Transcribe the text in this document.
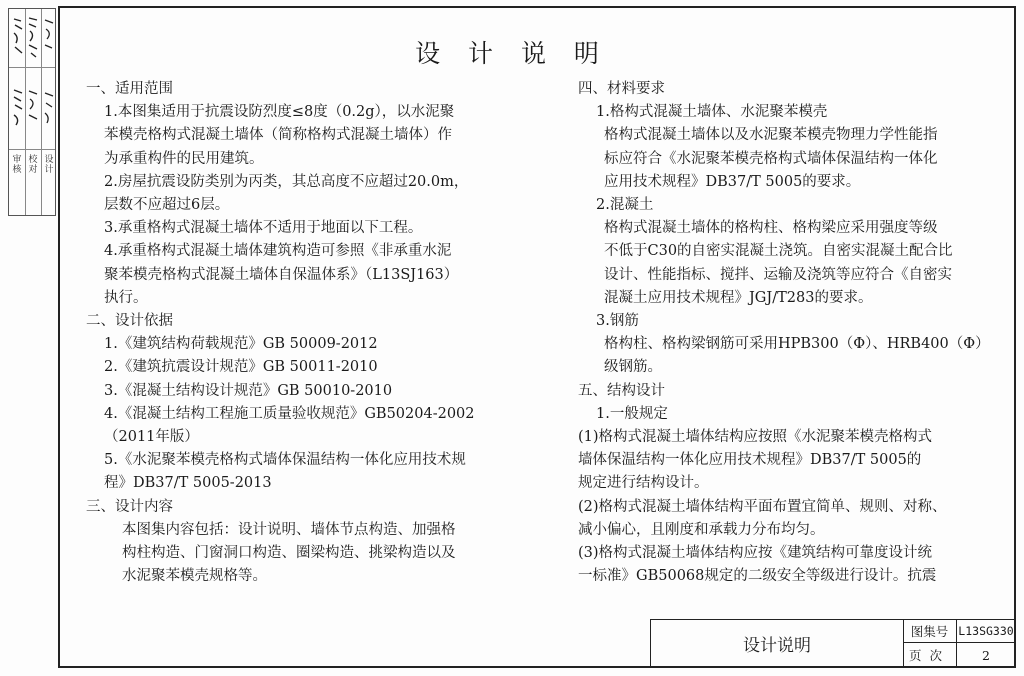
审
核
校
对
设
计
设 计 说 明
一、适用范围
1.本图集适用于抗震设防烈度≤8度（0.2g），以水泥聚
苯模壳格构式混凝土墙体（简称格构式混凝土墙体）作
为承重构件的民用建筑。
2.房屋抗震设防类别为丙类，其总高度不应超过20.0m，
层数不应超过6层。
3.承重格构式混凝土墙体不适用于地面以下工程。
4.承重格构式混凝土墙体建筑构造可参照《非承重水泥
聚苯模壳格构式混凝土墙体自保温体系》（L13SJ163）
执行。
二、设计依据
1.《建筑结构荷载规范》GB 50009-2012
2.《建筑抗震设计规范》GB 50011-2010
3.《混凝土结构设计规范》GB 50010-2010
4.《混凝土结构工程施工质量验收规范》GB50204-2002
（2011年版）
5.《水泥聚苯模壳格构式墙体保温结构一体化应用技术规
程》DB37/T 5005-2013
三、设计内容
本图集内容包括：设计说明、墙体节点构造、加强格
构柱构造、门窗洞口构造、圈梁构造、挑梁构造以及
水泥聚苯模壳规格等。
四、材料要求
1.格构式混凝土墙体、水泥聚苯模壳
格构式混凝土墙体以及水泥聚苯模壳物理力学性能指
标应符合《水泥聚苯模壳格构式墙体保温结构一体化
应用技术规程》DB37/T 5005的要求。
2.混凝土
格构式混凝土墙体的格构柱、格构梁应采用强度等级
不低于C30的自密实混凝土浇筑。自密实混凝土配合比
设计、性能指标、搅拌、运输及浇筑等应符合《自密实
混凝土应用技术规程》JGJ/T283的要求。
3.钢筋
格构柱、格构梁钢筋可采用HPB300（Φ）、HRB400（Φ）
级钢筋。
五、结构设计
1.一般规定
(1)格构式混凝土墙体结构应按照《水泥聚苯模壳格构式
墙体保温结构一体化应用技术规程》DB37/T 5005的
规定进行结构设计。
(2)格构式混凝土墙体结构平面布置宜简单、规则、对称、
减小偏心，且刚度和承载力分布均匀。
(3)格构式混凝土墙体结构应按《建筑结构可靠度设计统
一标准》GB50068规定的二级安全等级进行设计。抗震
设计说明
图集号 L13SG330
页次	2
